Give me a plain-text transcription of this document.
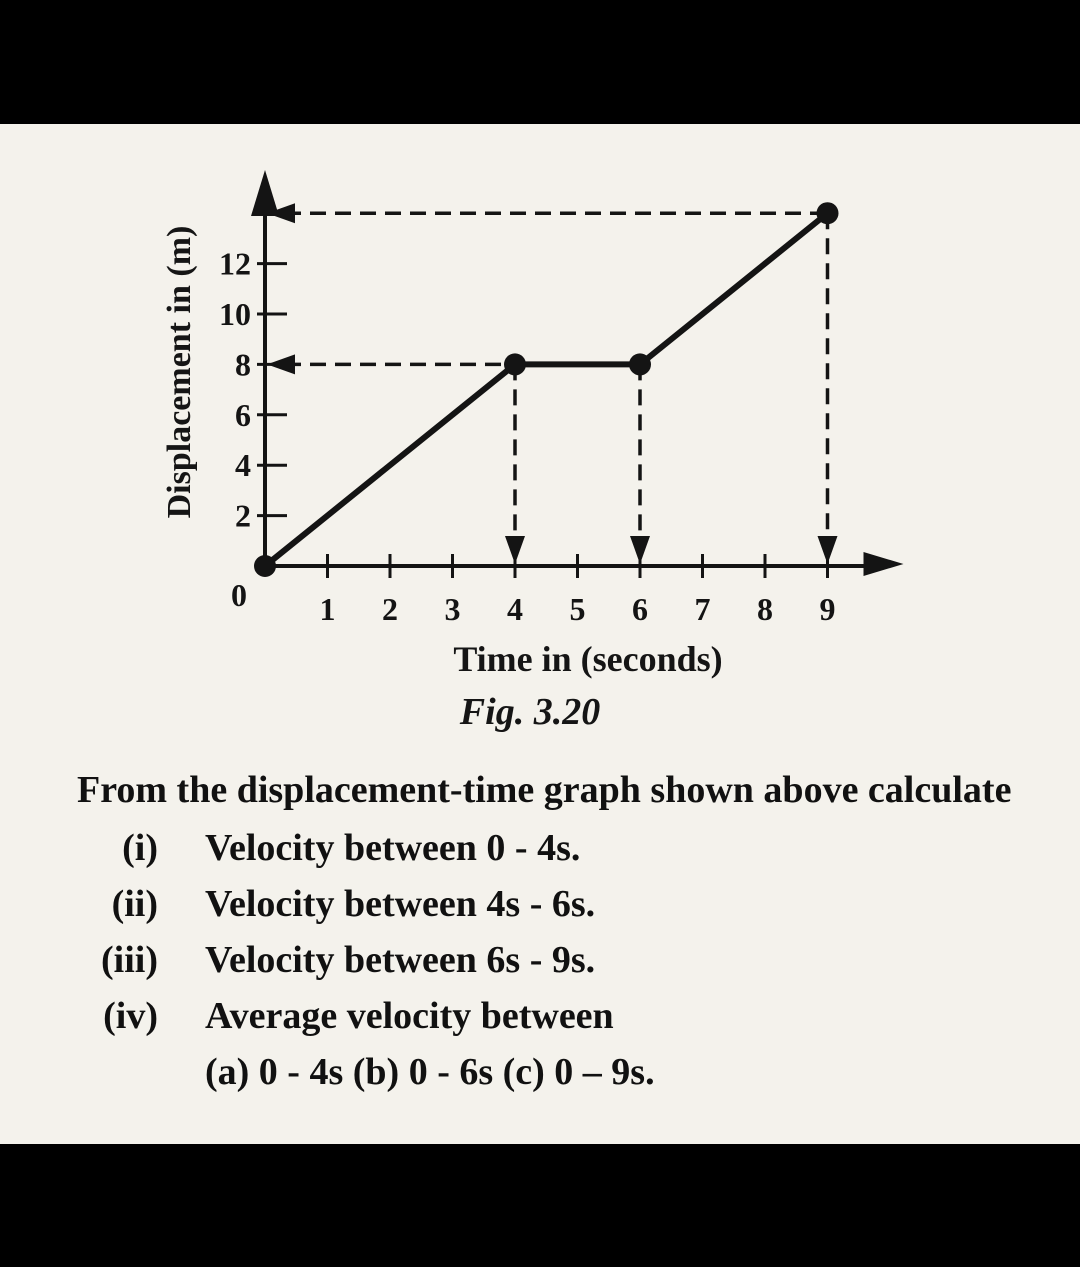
2
4
6
8
10
12
1 2 3 4 5 6 7 8 9
0
Displacement in (m)
Time in (seconds)
Fig. 3.20
From the displacement-time graph shown above calculate
(i) Velocity between 0 - 4s.
(ii) Velocity between 4s - 6s.
(iii) Velocity between 6s - 9s.
(iv) Average velocity between
(a) 0 - 4s (b) 0 - 6s (c) 0 – 9s.
